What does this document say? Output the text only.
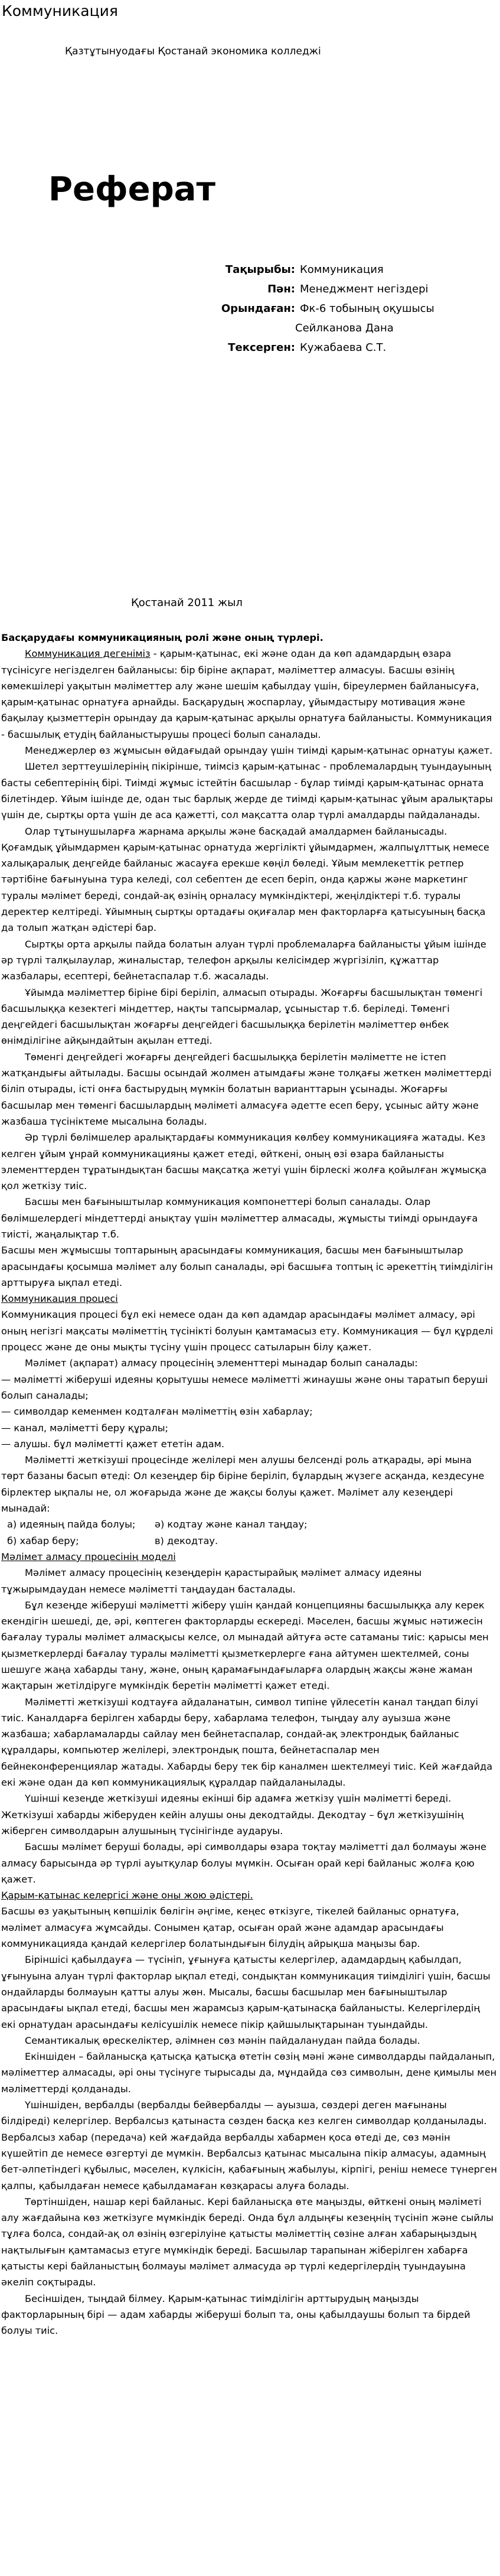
Коммуникация
Қазтұтынуодағы Қостанай экономика колледжі
Реферат
Тақырыбы: Коммуникация
Пән: Менеджмент негіздері
Орындаған: Фк-6 тобының оқушысы
Сейлканова Дана
Тексерген: Кужабаева С.Т.
Қостанай 2011 жыл

Басқарудағы коммуникацияның ролі және оның түрлері.

Коммуникация дегеніміз - қарым-қатынас, екі және одан да көп адамдардың өзара түсінісуге негізделген байланысы: бір біріне ақпарат, мәліметтер алмасуы. Басшы өзінің көмекшілері уақытын мәліметтер алу және шешім қабылдау үшін, біреулермен байланысуға, қарым-қатынас орнатуға арнайды. Басқарудың жоспарлау, ұйымдастыру мотивация және бақылау қызметтерін орындау да қарым-қатынас арқылы орнатуға байланысты. Коммуникация - басшылық етудің байланыстырушы процесі болып саналады.

Менеджерлер өз жұмысын өйдағыдай орындау үшін тиімді қарым-қатынас орнатуы қажет.

Шетел зерттеушілерінің пікірінше, тиімсіз қарым-қатынас - проблемалардың туындауының басты себептерінің бірі. Тиімді жұмыс істейтін басшылар - бұлар тиімді қарым-қатынас орната білетіндер. Ұйым ішінде де, одан тыс барлық жерде де тиімді қарым-қатынас ұйым аралықтары үшін де, сыртқы орта үшін де аса қажетті, сол мақсатта олар түрлі амалдарды пайдаланады.

Олар тұтынушыларға жарнама арқылы және басқадай амалдармен байланысады. Қоғамдық ұйымдармен қарым-қатынас орнатуда жергілікті ұйымдармен, жалпыұлттық немесе халықаралық деңгейде байланыс жасауға ерекше көңіл бөледі. Ұйым мемлекеттік ретпер тәртібіне бағынуына тура келеді, сол себептен де есеп беріп, онда қаржы және маркетинг туралы мәлімет береді, сондай-ақ өзінің орналасу мүмкіндіктері, жеңілдіктері т.б. туралы деректер келтіреді. Ұйымның сыртқы ортадағы оқиғалар мен факторларға қатысуының басқа да толып жатқан әдістері бар.

Сыртқы орта арқылы пайда болатын алуан түрлі проблемаларға байланысты ұйым ішінде әр түрлі талқылаулар, жиналыстар, телефон арқылы келісімдер жүргізіліп, құжаттар жазбалары, есептері, бейнетаспалар т.б. жасалады.

Ұйымда мәліметтер біріне бірі беріліп, алмасып отырады. Жоғарғы басшылықтан төменгі басшылыққа кезектегі міндеттер, нақты тапсырмалар, ұсыныстар т.б. беріледі. Төменгі деңгейдегі басшылықтан жоғарғы деңгейдегі басшылыққа берілетін мәліметтер өнбек өнімділігіне айқындайтын ақылан еттеді.

Төменгі деңгейдегі жоғарғы деңгейдегі басшылыққа берілетін мәліметте не істеп жатқандығы айтылады. Басшы осындай жолмен атымдағы және толқағы жеткен мәліметтерді біліп отырады, істі онға бастырудың мүмкін болатын варианттарын ұсынады. Жоғарғы басшылар мен төменгі басшылардың мәліметі алмасуға әдетте есеп беру, ұсыныс айту және жазбаша түсініктеме мысалына болады.

Әр түрлі бөлімшелер аралықтардағы коммуникация көлбеу коммуникацияға жатады. Кез келген ұйым ұнрай коммуникацияны қажет етеді, өйткені, оның өзі өзара байланысты элементтерден тұратындықтан басшы мақсатқа жетуі үшін бірлескі жолға қойылған жұмысқа қол жеткізу тиіс.

Басшы мен бағыныштылар коммуникация компонеттері болып саналады. Олар бөлімшелердегі міндеттерді анықтау үшін мәліметтер алмасады, жұмысты тиімді орындауға тиісті, жаңалықтар т.б.

Басшы мен жұмысшы топтарының арасындағы коммуникация, басшы мен бағыныштылар арасындағы қосымша мәлімет алу болып саналады, әрі басшыға топтың іс әрекеттің тиімділігін арттыруға ықпал етеді.

Коммуникация процесі

Коммуникация процесі бұл екі немесе одан да көп адамдар арасындағы мәлімет алмасу, әрі оның негізгі мақсаты мәліметтің түсінікті болуын қамтамасыз ету. Коммуникация — бұл құрделі процесс және де оны мықты түсіну үшін процесс сатыларын білу қажет.

Мәлімет (ақпарат) алмасу процесінің элементтері мынадар болып саналады:

— мәліметті жіберуші идеяны қорытушы немесе мәліметті жинаушы және оны таратып беруші болып саналады;

— символдар кеменмен кодталған мәліметтің өзін хабарлау;

— канал, мәліметті беру құралы;

— алушы. бұл мәліметті қажет ететін адам.

Мәліметті жеткізуші процесінде желілері мен алушы белсенді роль атқарады, әрі мына төрт базаны басып өтеді: Ол кезеңдер бір біріне беріліп, бұлардың жүзеге асқанда, кездесуне бірлектер ықпалы не, ол жоғарыда және де жақсы болуы қажет. Мәлімет алу кезеңдері мынадай:

а) идеяның пайда болуы;	ә) кодтау және канал таңдау;

б) хабар беру;	в) декодтау.

Мәлімет алмасу процесінің моделі

Мәлімет алмасу процесінің кезеңдерін қарастырайық мәлімет алмасу идеяны тұжырымдаудан немесе мәліметті таңдаудан басталады.

Бұл кезеңде жіберуші мәліметті жіберу үшін қандай концепцияны басшылыққа алу керек екендігін шешеді, де, әрі, көптеген факторларды ескереді. Мәселен, басшы жұмыс нәтижесін бағалау туралы мәлімет алмасқысы келсе, ол мынадай айтуға әсте сатаманы тиіс: қарысы мен қызметкерлерді бағалау туралы мәліметті қызметкерлерге ғана айтумен шектелмей, соны шешуге жаңа хабарды тану, және, оның қарамағындағыларға олардың жақсы және жаман жақтарын жетілдіруге мүмкіндік беретін мәліметті қажет етеді.

Мәліметті жеткізуші кодтауға айдаланатын, символ типіне үйлесетін канал таңдап білуі тиіс. Каналдарға берілген хабарды беру, хабарлама телефон, тыңдау алу ауызша және жазбаша; хабарламаларды сайлау мен бейнетаспалар, сондай-ақ электрондық байланыс құралдары, компьютер желілері, электрондық пошта, бейнетаспалар мен бейнеконференциялар жатады. Хабарды беру тек бір каналмен шектелмеуі тиіс. Кей жағдайда екі және одан да көп коммуникациялық құралдар пайдаланылады.

Үшінші кезеңде жеткізуші идеяны екінші бір адамға жеткізу үшін мәліметті береді. Жеткізуші хабарды жіберуден кейін алушы оны декодтайды. Декодтау – бұл жеткізушінің жіберген символдарын алушының түсінігінде аударуы.

Басшы мәлімет беруші болады, әрі символдары өзара тоқтау мәліметті дал болмауы және алмасу барысында әр түрлі ауытқулар болуы мүмкін. Осыған орай кері байланыс жолға қою қажет.

Қарым-қатынас келергісі және оны жою әдістері.

Басшы өз уақытының көпшілік бөлігін әңгіме, кеңес өткізуге, тікелей байланыс орнатуға, мәлімет алмасуға жұмсайды. Сонымен қатар, осыған орай және адамдар арасындағы коммуникацияда қандай келергілер болатындығын білудің айрықша маңызы бар.

Біріншісі қабылдауға — түсініп, ұғынуға қатысты келергілер, адамдардың қабылдап, ұғынуына алуан түрлі факторлар ықпал етеді, сондықтан коммуникация тиімділігі үшін, басшы ондайларды болмауын қатты алуы жөн. Мысалы, басшы басшылар мен бағыныштылар арасындағы ықпал етеді, басшы мен жарамсыз қарым-қатынасқа байланысты. Келергілердің екі орнатудан арасындағы келісушілік немесе пікір қайшылықтарынан туындайды.

Семантикалық өрескеліктер, әлімнен сөз мәнін пайдаланудан пайда болады.

Екіншіден – байланысқа қатысқа қатысқа өтетін сөзің мәні және символдарды пайдаланып, мәліметтер алмасады, әрі оны түсінуге тырысады да, мұндайда сөз символын, дене қимылы мен мәліметтерді қолданады.

Үшіншіден, вербалды (вербалды бейвербалды — ауызша, сөздері деген мағынаны білдіреді) келергілер. Вербалсыз қатынаста сөзден басқа кез келген символдар қолданылады. Вербалсыз хабар (передача) кей жағдайда вербалды хабармен қоса өтеді де, сөз мәнін күшейтіп де немесе өзгертуі де мүмкін. Вербалсыз қатынас мысалына пікір алмасуы, адамның бет-әлпетіндегі құбылыс, мәселен, күлкісін, қабағының жабылуы, кірпігі, реніш немесе түнерген қалпы, қабылдаған немесе қабылдамаған көзқарасы алуға болады.

Төртіншіден, нашар кері байланыс. Кері байланысқа өте маңызды, өйткені оның мәліметі алу жағдайына көз жеткізуге мүмкіндік береді. Онда бұл алдыңғы кезеңнің түсініп және сыйлы тұлға болса, сондай-ақ ол өзінің өзгерілуіне қатысты мәліметтің сөзіне алған хабарыңыздың нақтылығын қамтамасыз етуге мүмкіндік береді. Басшылар тарапынан жіберілген хабарға қатысты кері байланыстың болмауы мәлімет алмасуда әр түрлі кедергілердің туындауына әкеліп соқтырады.

Бесіншіден, тыңдай білмеу. Қарым-қатынас тиімділігін арттырудың маңызды факторларының бірі — адам хабарды жіберуші болып та, оны қабылдаушы болып та бірдей болуы тиіс.
